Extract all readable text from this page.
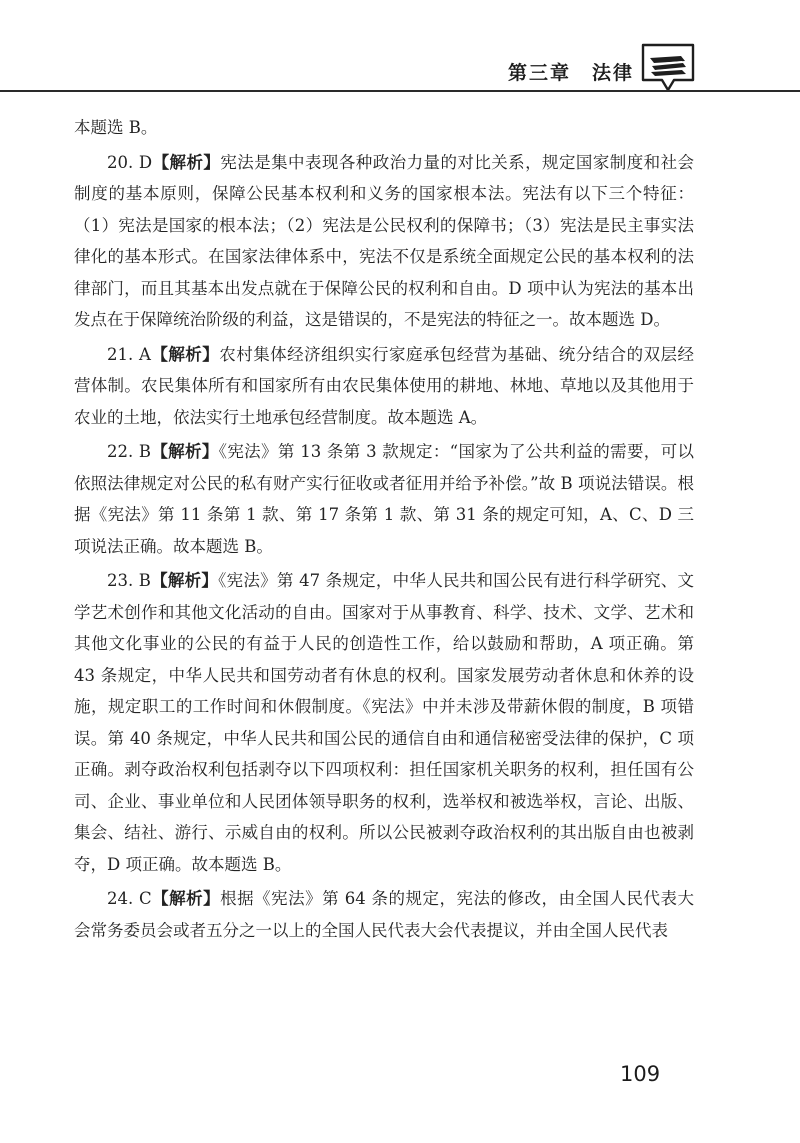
第三章　法律

本题选 B。

20. D【解析】宪法是集中表现各种政治力量的对比关系，规定国家制度和社会制度的基本原则，保障公民基本权利和义务的国家根本法。宪法有以下三个特征：（1）宪法是国家的根本法；（2）宪法是公民权利的保障书；（3）宪法是民主事实法律化的基本形式。在国家法律体系中，宪法不仅是系统全面规定公民的基本权利的法律部门，而且其基本出发点就在于保障公民的权利和自由。D 项中认为宪法的基本出发点在于保障统治阶级的利益，这是错误的，不是宪法的特征之一。故本题选 D。

21. A【解析】农村集体经济组织实行家庭承包经营为基础、统分结合的双层经营体制。农民集体所有和国家所有由农民集体使用的耕地、林地、草地以及其他用于农业的土地，依法实行土地承包经营制度。故本题选 A。

22. B【解析】《宪法》第 13 条第 3 款规定：“国家为了公共利益的需要，可以依照法律规定对公民的私有财产实行征收或者征用并给予补偿。”故 B 项说法错误。根据《宪法》第 11 条第 1 款、第 17 条第 1 款、第 31 条的规定可知，A、C、D 三项说法正确。故本题选 B。

23. B【解析】《宪法》第 47 条规定，中华人民共和国公民有进行科学研究、文学艺术创作和其他文化活动的自由。国家对于从事教育、科学、技术、文学、艺术和其他文化事业的公民的有益于人民的创造性工作，给以鼓励和帮助，A 项正确。第 43 条规定，中华人民共和国劳动者有休息的权利。国家发展劳动者休息和休养的设施，规定职工的工作时间和休假制度。《宪法》中并未涉及带薪休假的制度，B 项错误。第 40 条规定，中华人民共和国公民的通信自由和通信秘密受法律的保护，C 项正确。剥夺政治权利包括剥夺以下四项权利：担任国家机关职务的权利，担任国有公司、企业、事业单位和人民团体领导职务的权利，选举权和被选举权，言论、出版、集会、结社、游行、示威自由的权利。所以公民被剥夺政治权利的其出版自由也被剥夺，D 项正确。故本题选 B。

24. C【解析】根据《宪法》第 64 条的规定，宪法的修改，由全国人民代表大会常务委员会或者五分之一以上的全国人民代表大会代表提议，并由全国人民代表

109
